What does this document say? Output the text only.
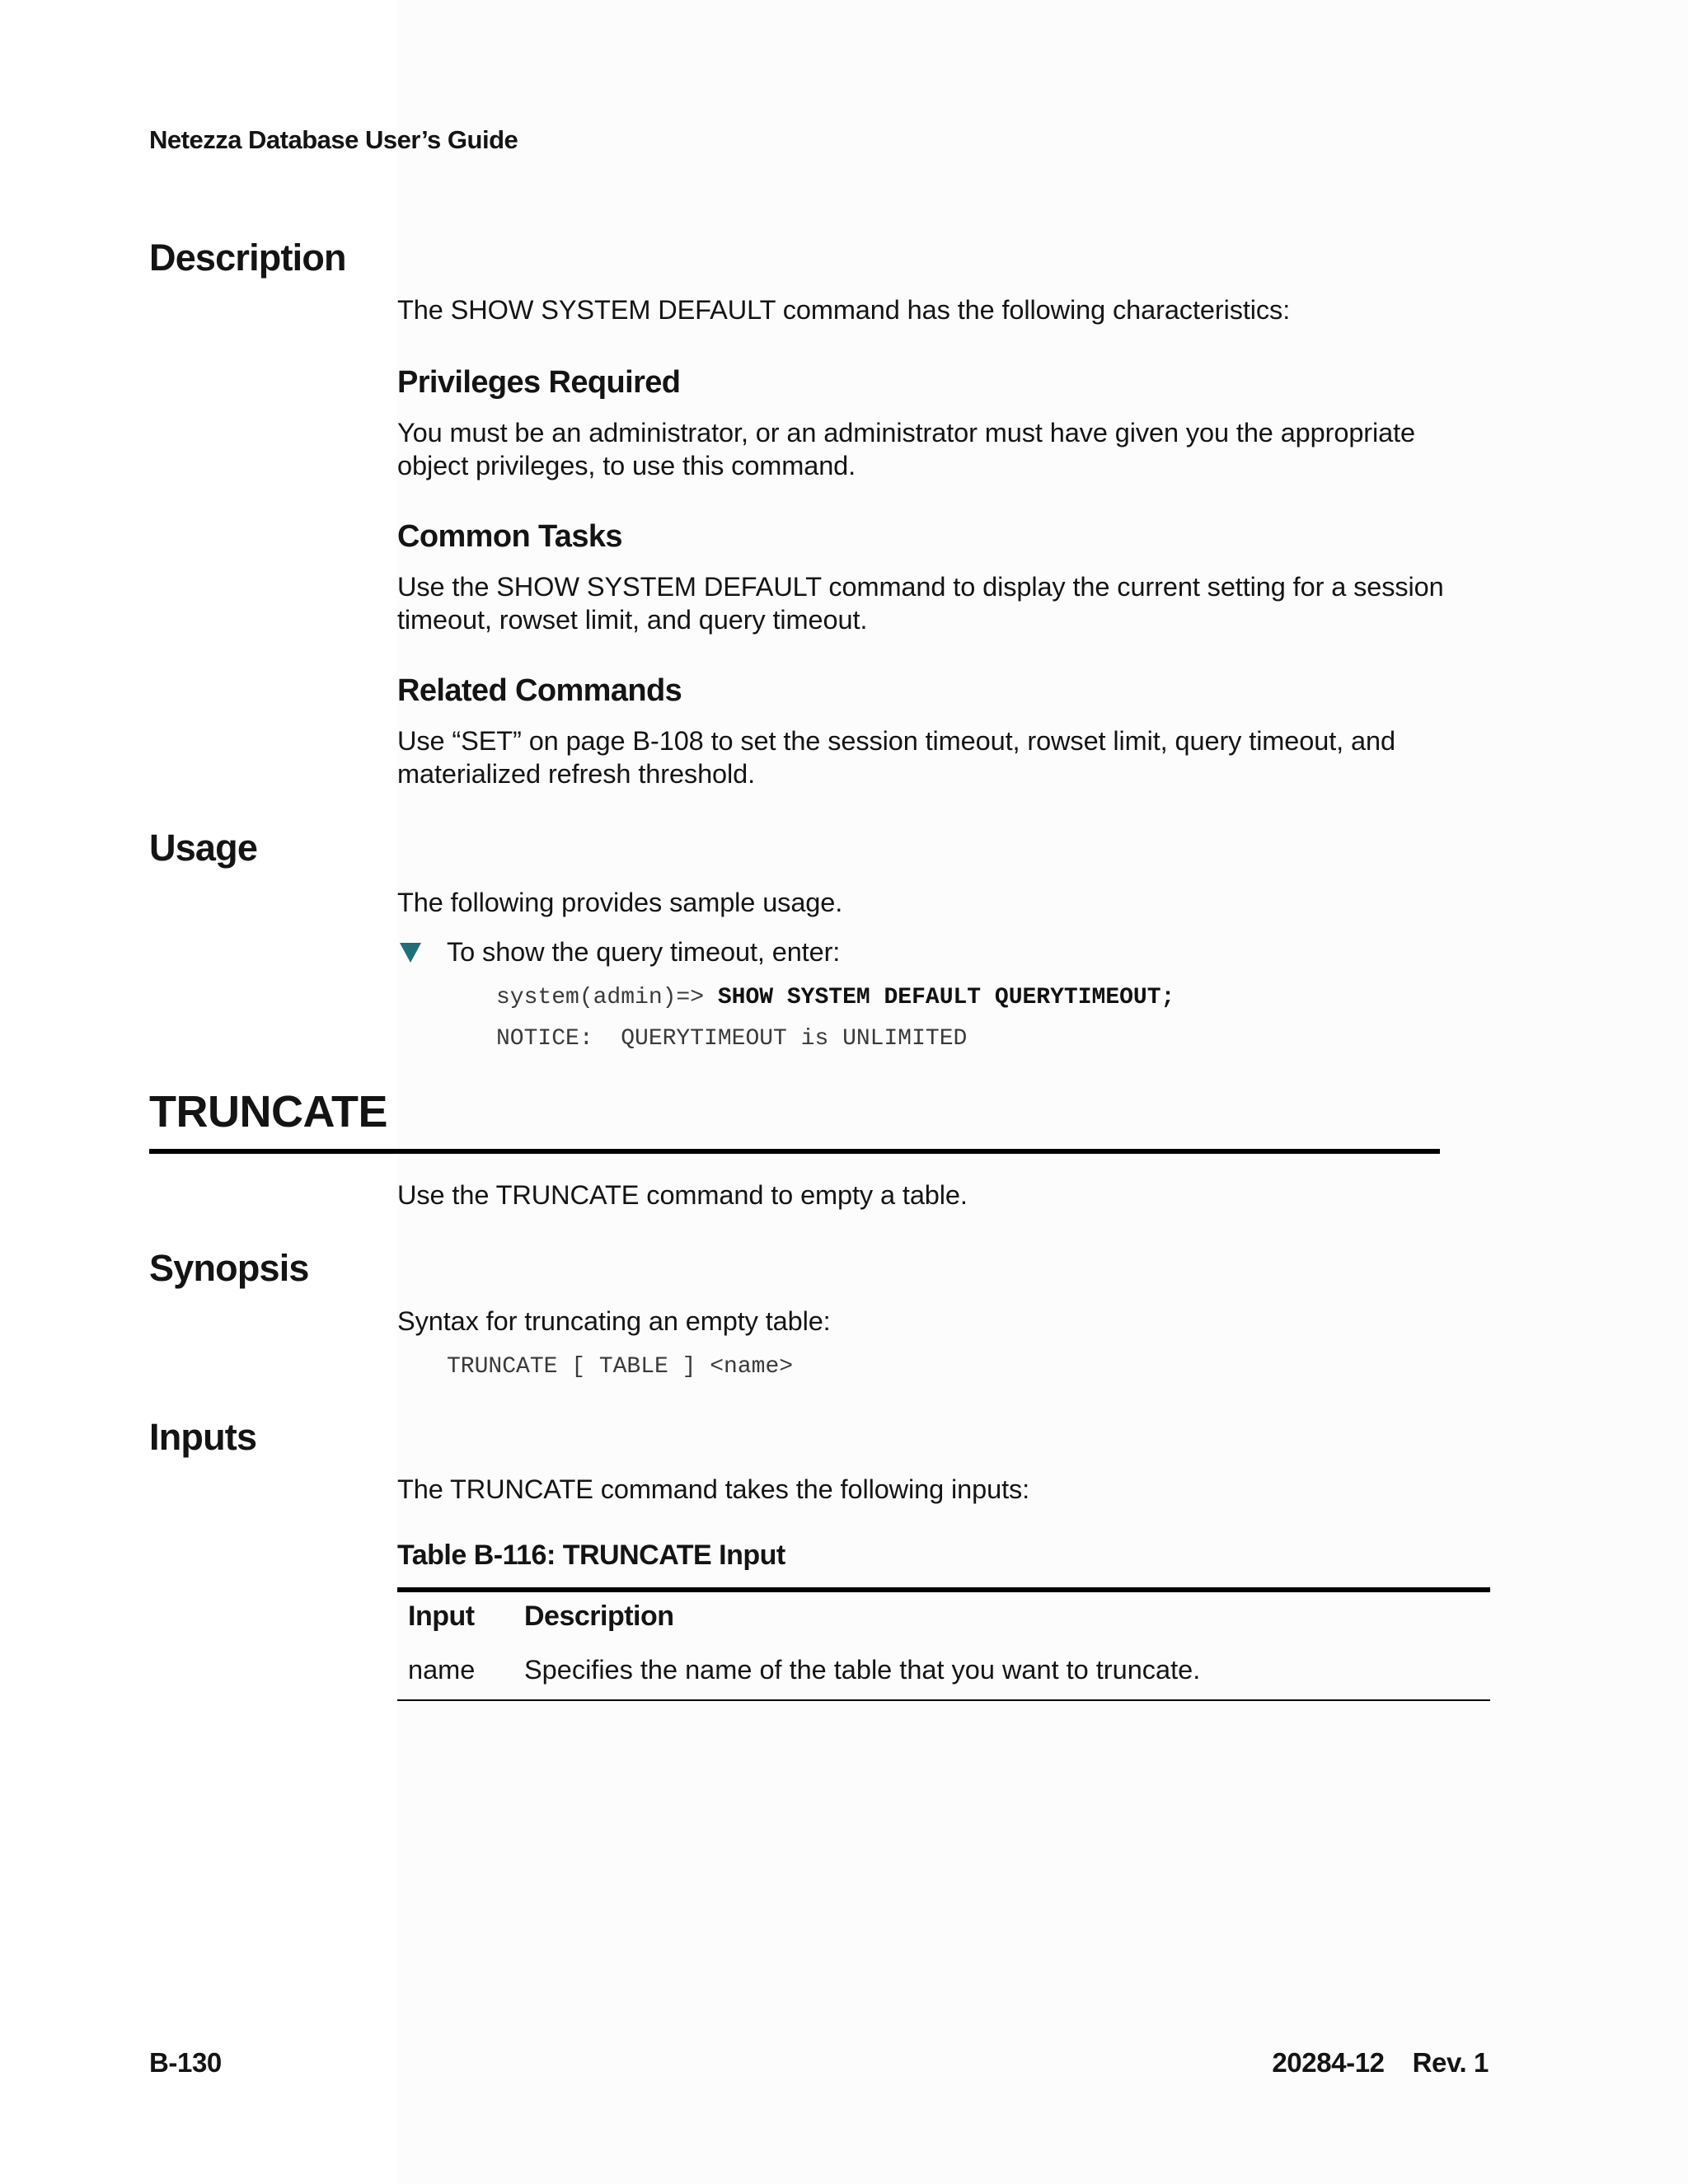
Netezza Database User’s Guide
Description
The SHOW SYSTEM DEFAULT command has the following characteristics:
Privileges Required
You must be an administrator, or an administrator must have given you the appropriate object privileges, to use this command.
Common Tasks
Use the SHOW SYSTEM DEFAULT command to display the current setting for a session timeout, rowset limit, and query timeout.
Related Commands
Use “SET” on page B-108 to set the session timeout, rowset limit, query timeout, and materialized refresh threshold.
Usage
The following provides sample usage.
To show the query timeout, enter:
system(admin)=> SHOW SYSTEM DEFAULT QUERYTIMEOUT;
NOTICE:  QUERYTIMEOUT is UNLIMITED
TRUNCATE
Use the TRUNCATE command to empty a table.
Synopsis
Syntax for truncating an empty table:
TRUNCATE [ TABLE ] <name>
Inputs
The TRUNCATE command takes the following inputs:
Table B-116: TRUNCATE Input
Input Description
name Specifies the name of the table that you want to truncate.
B-130	20284-12 Rev. 1
